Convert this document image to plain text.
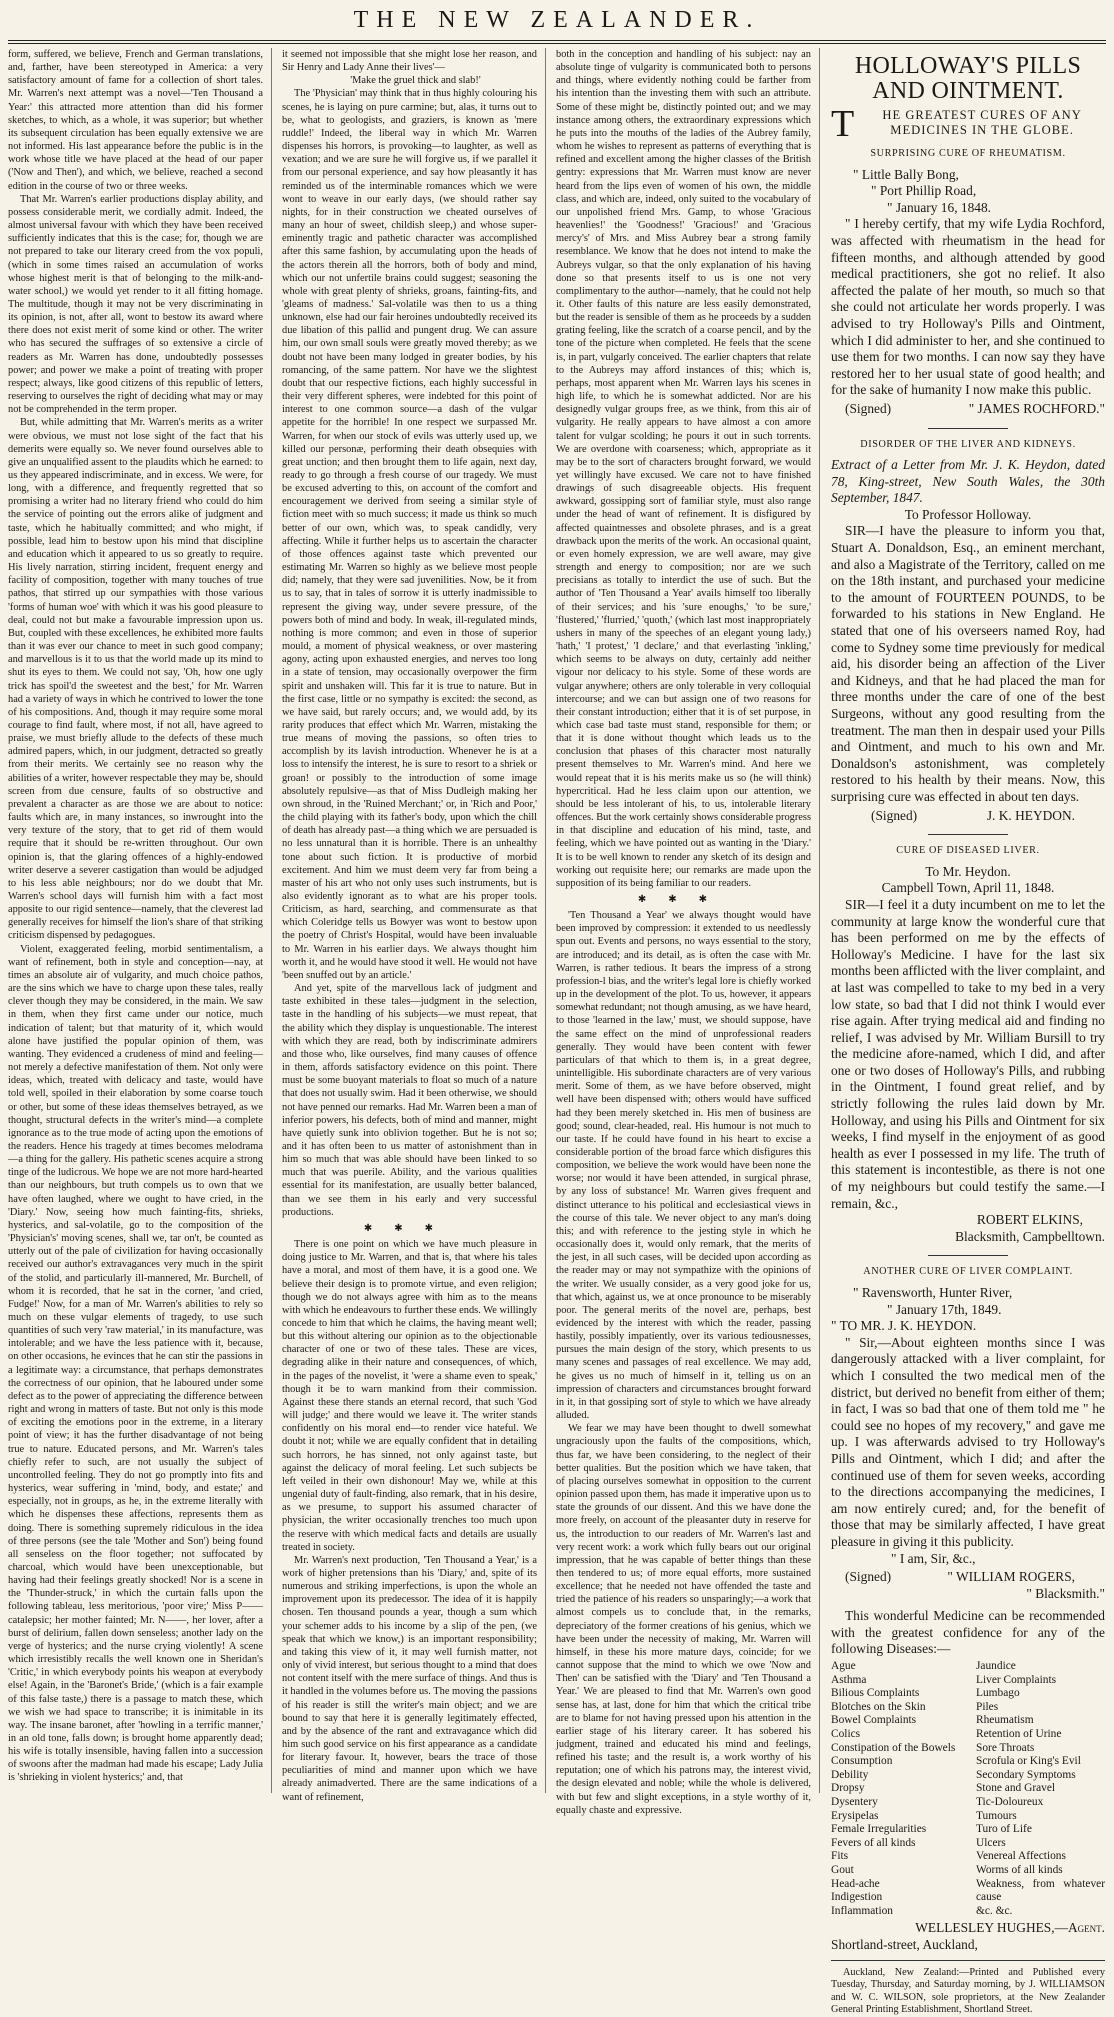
THE NEW ZEALANDER.

form, suffered, we believe, French and German translations, and, farther, have been stereotyped in America: a very satisfactory amount of fame for a collection of short tales. Mr. Warren's next attempt was a novel—'Ten Thousand a Year:' this attracted more attention than did his former sketches, to which, as a whole, it was superior; but whether its subsequent circulation has been equally extensive we are not informed. His last appearance before the public is in the work whose title we have placed at the head of our paper ('Now and Then'), and which, we believe, reached a second edition in the course of two or three weeks.

That Mr. Warren's earlier productions display ability, and possess considerable merit, we cordially admit. Indeed, the almost universal favour with which they have been received sufficiently indicates that this is the case; for, though we are not prepared to take our literary creed from the vox populi, (which in some times raised an accumulation of works whose highest merit is that of belonging to the milk-and-water school,) we would yet render to it all fitting homage. The multitude, though it may not be very discriminating in its opinion, is not, after all, wont to bestow its award where there does not exist merit of some kind or other. The writer who has secured the suffrages of so extensive a circle of readers as Mr. Warren has done, undoubtedly possesses power; and power we make a point of treating with proper respect; always, like good citizens of this republic of letters, reserving to ourselves the right of deciding what may or may not be comprehended in the term proper.

But, while admitting that Mr. Warren's merits as a writer were obvious, we must not lose sight of the fact that his demerits were equally so. We never found ourselves able to give an unqualified assent to the plaudits which he earned: to us they appeared indiscriminate, and in excess. We were, for long, with a difference, and frequently regretted that so promising a writer had no literary friend who could do him the service of pointing out the errors alike of judgment and taste, which he habitually committed; and who might, if possible, lead him to bestow upon his mind that discipline and education which it appeared to us so greatly to require. His lively narration, stirring incident, frequent energy and facility of composition, together with many touches of true pathos, that stirred up our sympathies with those various 'forms of human woe' with which it was his good pleasure to deal, could not but make a favourable impression upon us. But, coupled with these excellences, he exhibited more faults than it was ever our chance to meet in such good company; and marvellous is it to us that the world made up its mind to shut its eyes to them. We could not say, 'Oh, how one ugly trick has spoil'd the sweetest and the best,' for Mr. Warren had a variety of ways in which he contrived to lower the tone of his compositions. And, though it may require some moral courage to find fault, where most, if not all, have agreed to praise, we must briefly allude to the defects of these much admired papers, which, in our judgment, detracted so greatly from their merits. We certainly see no reason why the abilities of a writer, however respectable they may be, should screen from due censure, faults of so obstructive and prevalent a character as are those we are about to notice: faults which are, in many instances, so inwrought into the very texture of the story, that to get rid of them would require that it should be re-written throughout. Our own opinion is, that the glaring offences of a highly-endowed writer deserve a severer castigation than would be adjudged to his less able neighbours; nor do we doubt that Mr. Warren's school days will furnish him with a fact most apposite to our rigid sentence—namely, that the cleverest lad generally receives for himself the lion's share of that striking criticism dispensed by pedagogues.

Violent, exaggerated feeling, morbid sentimentalism, a want of refinement, both in style and conception—nay, at times an absolute air of vulgarity, and much choice pathos, are the sins which we have to charge upon these tales, really clever though they may be considered, in the main. We saw in them, when they first came under our notice, much indication of talent; but that maturity of it, which would alone have justified the popular opinion of them, was wanting. They evidenced a crudeness of mind and feeling—not merely a defective manifestation of them. Not only were ideas, which, treated with delicacy and taste, would have told well, spoiled in their elaboration by some coarse touch or other, but some of these ideas themselves betrayed, as we thought, structural defects in the writer's mind—a complete ignorance as to the true mode of acting upon the emotions of the readers. Hence his tragedy at times becomes melodrama—a thing for the gallery. His pathetic scenes acquire a strong tinge of the ludicrous. We hope we are not more hard-hearted than our neighbours, but truth compels us to own that we have often laughed, where we ought to have cried, in the 'Diary.' Now, seeing how much fainting-fits, shrieks, hysterics, and sal-volatile, go to the composition of the 'Physician's' moving scenes, shall we, tar on't, be counted as utterly out of the pale of civilization for having occasionally received our author's extravagances very much in the spirit of the stolid, and particularly ill-mannered, Mr. Burchell, of whom it is recorded, that he sat in the corner, 'and cried, Fudge!' Now, for a man of Mr. Warren's abilities to rely so much on these vulgar elements of tragedy, to use such quantities of such very 'raw material,' in its manufacture, was intolerable; and we have the less patience with it, because, on other occasions, he evinces that he can stir the passions in a legitimate way: a circumstance, that perhaps demonstrates the correctness of our opinion, that he laboured under some defect as to the power of appreciating the difference between right and wrong in matters of taste. But not only is this mode of exciting the emotions poor in the extreme, in a literary point of view; it has the further disadvantage of not being true to nature. Educated persons, and Mr. Warren's tales chiefly refer to such, are not usually the subject of uncontrolled feeling. They do not go promptly into fits and hysterics, wear suffering in 'mind, body, and estate;' and especially, not in groups, as he, in the extreme literally with which he dispenses these affections, represents them as doing. There is something supremely ridiculous in the idea of three persons (see the tale 'Mother and Son') being found all senseless on the floor together; not suffocated by charcoal, which would have been unexceptionable, but having had their feelings greatly shocked! Nor is a scene in the 'Thunder-struck,' in which the curtain falls upon the following tableau, less meritorious, 'poor vire;' Miss P—— catalepsic; her mother fainted; Mr. N——, her lover, after a burst of delirium, fallen down senseless; another lady on the verge of hysterics; and the nurse crying violently! A scene which irresistibly recalls the well known one in Sheridan's 'Critic,' in which everybody points his weapon at everybody else! Again, in the 'Baronet's Bride,' (which is a fair example of this false taste,) there is a passage to match these, which we wish we had space to transcribe; it is inimitable in its way. The insane baronet, after 'howling in a terrific manner,' in an old tone, falls down; is brought home apparently dead; his wife is totally insensible, having fallen into a succession of swoons after the madman had made his escape; Lady Julia is 'shrieking in violent hysterics;' and, that

it seemed not impossible that she might lose her reason, and Sir Henry and Lady Anne their lives'—

'Make the gruel thick and slab!'

The 'Physician' may think that in thus highly colouring his scenes, he is laying on pure carmine; but, alas, it turns out to be, what to geologists, and graziers, is known as 'mere ruddle!' Indeed, the liberal way in which Mr. Warren dispenses his horrors, is provoking—to laughter, as well as vexation; and we are sure he will forgive us, if we parallel it from our personal experience, and say how pleasantly it has reminded us of the interminable romances which we were wont to weave in our early days, (we should rather say nights, for in their construction we cheated ourselves of many an hour of sweet, childish sleep,) and whose super-eminently tragic and pathetic character was accomplished after this same fashion, by accumulating upon the heads of the actors therein all the horrors, both of body and mind, which our not unfertile brains could suggest; seasoning the whole with great plenty of shrieks, groans, fainting-fits, and 'gleams of madness.' Sal-volatile was then to us a thing unknown, else had our fair heroines undoubtedly received its due libation of this pallid and pungent drug. We can assure him, our own small souls were greatly moved thereby; as we doubt not have been many lodged in greater bodies, by his romancing, of the same pattern. Nor have we the slightest doubt that our respective fictions, each highly successful in their very different spheres, were indebted for this point of interest to one common source—a dash of the vulgar appetite for the horrible! In one respect we surpassed Mr. Warren, for when our stock of evils was utterly used up, we killed our personæ, performing their death obsequies with great unction; and then brought them to life again, next day, ready to go through a fresh course of our tragedy. We must be excused adverting to this, on account of the comfort and encouragement we derived from seeing a similar style of fiction meet with so much success; it made us think so much better of our own, which was, to speak candidly, very affecting. While it further helps us to ascertain the character of those offences against taste which prevented our estimating Mr. Warren so highly as we believe most people did; namely, that they were sad juvenilities. Now, be it from us to say, that in tales of sorrow it is utterly inadmissible to represent the giving way, under severe pressure, of the powers both of mind and body. In weak, ill-regulated minds, nothing is more common; and even in those of superior mould, a moment of physical weakness, or over mastering agony, acting upon exhausted energies, and nerves too long in a state of tension, may occasionally overpower the firm spirit and unshaken will. This far it is true to nature. But in the first case, little or no sympathy is excited: the second, as we have said, but rarely occurs; and, we would add, by its rarity produces that effect which Mr. Warren, mistaking the true means of moving the passions, so often tries to accomplish by its lavish introduction. Whenever he is at a loss to intensify the interest, he is sure to resort to a shriek or groan! or possibly to the introduction of some image absolutely repulsive—as that of Miss Dudleigh making her own shroud, in the 'Ruined Merchant;' or, in 'Rich and Poor,' the child playing with its father's body, upon which the chill of death has already past—a thing which we are persuaded is no less unnatural than it is horrible. There is an unhealthy tone about such fiction. It is productive of morbid excitement. And him we must deem very far from being a master of his art who not only uses such instruments, but is also evidently ignorant as to what are his proper tools. Criticism, as hard, searching, and commensurate as that which Coleridge tells us Bowyer was wont to bestow upon the poetry of Christ's Hospital, would have been invaluable to Mr. Warren in his earlier days. We always thought him worth it, and he would have stood it well. He would not have 'been snuffed out by an article.'

And yet, spite of the marvellous lack of judgment and taste exhibited in these tales—judgment in the selection, taste in the handling of his subjects—we must repeat, that the ability which they display is unquestionable. The interest with which they are read, both by indiscriminate admirers and those who, like ourselves, find many causes of offence in them, affords satisfactory evidence on this point. There must be some buoyant materials to float so much of a nature that does not usually swim. Had it been otherwise, we should not have penned our remarks. Had Mr. Warren been a man of inferior powers, his defects, both of mind and manner, might have quietly sunk into oblivion together. But he is not so; and it has often been to us matter of astonishment than in him so much that was able should have been linked to so much that was puerile. Ability, and the various qualities essential for its manifestation, are usually better balanced, than we see them in his early and very successful productions.

✱✱✱

There is one point on which we have much pleasure in doing justice to Mr. Warren, and that is, that where his tales have a moral, and most of them have, it is a good one. We believe their design is to promote virtue, and even religion; though we do not always agree with him as to the means with which he endeavours to further these ends. We willingly concede to him that which he claims, the having meant well; but this without altering our opinion as to the objectionable character of one or two of these tales. These are vices, degrading alike in their nature and consequences, of which, in the pages of the novelist, it 'were a shame even to speak,' though it be to warn mankind from their commission. Against these there stands an eternal record, that such 'God will judge;' and there would we leave it. The writer stands confidently on his moral end—to render vice hateful. We doubt it not; while we are equally confident that in detailing such horrors, he has sinned, not only against taste, but against the delicacy of moral feeling. Let such subjects be left veiled in their own dishonour! May we, while at this ungenial duty of fault-finding, also remark, that in his desire, as we presume, to support his assumed character of physician, the writer occasionally trenches too much upon the reserve with which medical facts and details are usually treated in society.

Mr. Warren's next production, 'Ten Thousand a Year,' is a work of higher pretensions than his 'Diary,' and, spite of its numerous and striking imperfections, is upon the whole an improvement upon its predecessor. The idea of it is happily chosen. Ten thousand pounds a year, though a sum which your schemer adds to his income by a slip of the pen, (we speak that which we know,) is an important responsibility; and taking this view of it, it may well furnish matter, not only of vivid interest, but serious thought to a mind that does not content itself with the mere surface of things. And thus is it handled in the volumes before us. The moving the passions of his reader is still the writer's main object; and we are bound to say that here it is generally legitimately effected, and by the absence of the rant and extravagance which did him such good service on his first appearance as a candidate for literary favour. It, however, bears the trace of those peculiarities of mind and manner upon which we have already animadverted. There are the same indications of a want of refinement,

both in the conception and handling of his subject: nay an absolute tinge of vulgarity is communicated both to persons and things, where evidently nothing could be farther from his intention than the investing them with such an attribute. Some of these might be, distinctly pointed out; and we may instance among others, the extraordinary expressions which he puts into the mouths of the ladies of the Aubrey family, whom he wishes to represent as patterns of everything that is refined and excellent among the higher classes of the British gentry: expressions that Mr. Warren must know are never heard from the lips even of women of his own, the middle class, and which are, indeed, only suited to the vocabulary of our unpolished friend Mrs. Gamp, to whose 'Gracious heavenlies!' the 'Goodness!' 'Gracious!' and 'Gracious mercy's' of Mrs. and Miss Aubrey bear a strong family resemblance. We know that he does not intend to make the Aubreys vulgar, so that the only explanation of his having done so that presents itself to us is one not very complimentary to the author—namely, that he could not help it. Other faults of this nature are less easily demonstrated, but the reader is sensible of them as he proceeds by a sudden grating feeling, like the scratch of a coarse pencil, and by the tone of the picture when completed. He feels that the scene is, in part, vulgarly conceived. The earlier chapters that relate to the Aubreys may afford instances of this; which is, perhaps, most apparent when Mr. Warren lays his scenes in high life, to which he is somewhat addicted. Nor are his designedly vulgar groups free, as we think, from this air of vulgarity. He really appears to have almost a con amore talent for vulgar scolding; he pours it out in such torrents. We are overdone with coarseness; which, appropriate as it may be to the sort of characters brought forward, we would yet willingly have excused. We care not to have finished drawings of such disagreeable objects. His frequent awkward, gossipping sort of familiar style, must also range under the head of want of refinement. It is disfigured by affected quaintnesses and obsolete phrases, and is a great drawback upon the merits of the work. An occasional quaint, or even homely expression, we are well aware, may give strength and energy to composition; nor are we such precisians as totally to interdict the use of such. But the author of 'Ten Thousand a Year' avails himself too liberally of their services; and his 'sure enoughs,' 'to be sure,' 'flustered,' 'flurried,' 'quoth,' (which last most inappropriately ushers in many of the speeches of an elegant young lady,) 'hath,' 'I protest,' 'I declare,' and that everlasting 'inkling,' which seems to be always on duty, certainly add neither vigour nor delicacy to his style. Some of these words are vulgar anywhere; others are only tolerable in very colloquial intercourse; and we can but assign one of two reasons for their constant introduction; either that it is of set purpose, in which case bad taste must stand, responsible for them; or that it is done without thought which leads us to the conclusion that phases of this character most naturally present themselves to Mr. Warren's mind. And here we would repeat that it is his merits make us so (he will think) hypercritical. Had he less claim upon our attention, we should be less intolerant of his, to us, intolerable literary offences. But the work certainly shows considerable progress in that discipline and education of his mind, taste, and feeling, which we have pointed out as wanting in the 'Diary.' It is to be well known to render any sketch of its design and working out requisite here; our remarks are made upon the supposition of its being familiar to our readers.

✱✱✱

'Ten Thousand a Year' we always thought would have been improved by compression: it extended to us needlessly spun out. Events and persons, no ways essential to the story, are introduced; and its detail, as is often the case with Mr. Warren, is rather tedious. It bears the impress of a strong profession-l bias, and the writer's legal lore is chiefly worked up in the development of the plot. To us, however, it appears somewhat redundant; not though amusing, as we have heard, to those 'learned in the law,' must, we should suppose, have the same effect on the mind of unprofessional readers generally. They would have been content with fewer particulars of that which to them is, in a great degree, unintelligible. His subordinate characters are of very various merit. Some of them, as we have before observed, might well have been dispensed with; others would have sufficed had they been merely sketched in. His men of business are good; sound, clear-headed, real. His humour is not much to our taste. If he could have found in his heart to excise a considerable portion of the broad farce which disfigures this composition, we believe the work would have been none the worse; nor would it have been attended, in surgical phrase, by any loss of substance! Mr. Warren gives frequent and distinct utterance to his political and ecclesiastical views in the course of this tale. We never object to any man's doing this; and with reference to the jesting style in which he occasionally does it, would only remark, that the merits of the jest, in all such cases, will be decided upon according as the reader may or may not sympathize with the opinions of the writer. We usually consider, as a very good joke for us, that which, against us, we at once pronounce to be miserably poor. The general merits of the novel are, perhaps, best evidenced by the interest with which the reader, passing hastily, possibly impatiently, over its various tediousnesses, pursues the main design of the story, which presents to us many scenes and passages of real excellence. We may add, he gives us no much of himself in it, telling us on an impression of characters and circumstances brought forward in it, in that gossiping sort of style to which we have already alluded.

We fear we may have been thought to dwell somewhat ungraciously upon the faults of the compositions, which, thus far, we have been considering, to the neglect of their better qualities. But the position which we have taken, that of placing ourselves somewhat in opposition to the current opinion passed upon them, has made it imperative upon us to state the grounds of our dissent. And this we have done the more freely, on account of the pleasanter duty in reserve for us, the introduction to our readers of Mr. Warren's last and very recent work: a work which fully bears out our original impression, that he was capable of better things than these then tendered to us; of more equal efforts, more sustained excellence; that he needed not have offended the taste and tried the patience of his readers so unsparingly;—a work that almost compels us to conclude that, in the remarks, depreciatory of the former creations of his genius, which we have been under the necessity of making, Mr. Warren will himself, in these his more mature days, coincide; for we cannot suppose that the mind to which we owe 'Now and Then' can be satisfied with the 'Diary' and 'Ten Thousand a Year.' We are pleased to find that Mr. Warren's own good sense has, at last, done for him that which the critical tribe are to blame for not having pressed upon his attention in the earlier stage of his literary career. It has sobered his judgment, trained and educated his mind and feelings, refined his taste; and the result is, a work worthy of his reputation; one of which his patrons may, the interest vivid, the design elevated and noble; while the whole is delivered, with but few and slight exceptions, in a style worthy of it, equally chaste and expressive.

HOLLOWAY'S PILLS AND OINTMENT.
T HE GREATEST CURES OF ANY MEDICINES IN THE GLOBE.
SURPRISING CURE OF RHEUMATISM.

" Little Bally Bong,

" Port Phillip Road,

" January 16, 1848.

" I hereby certify, that my wife Lydia Rochford, was affected with rheumatism in the head for fifteen months, and although attended by good medical practitioners, she got no relief. It also affected the palate of her mouth, so much so that she could not articulate her words properly. I was advised to try Holloway's Pills and Ointment, which I did administer to her, and she continued to use them for two months. I can now say they have restored her to her usual state of good health; and for the sake of humanity I now make this public.

(Signed)	" JAMES ROCHFORD."
DISORDER OF THE LIVER AND KIDNEYS.

Extract of a Letter from Mr. J. K. Heydon, dated 78, King-street, New South Wales, the 30th September, 1847.

To Professor Holloway.

SIR—I have the pleasure to inform you that, Stuart A. Donaldson, Esq., an eminent merchant, and also a Magistrate of the Territory, called on me on the 18th instant, and purchased your medicine to the amount of FOURTEEN POUNDS, to be forwarded to his stations in New England. He stated that one of his overseers named Roy, had come to Sydney some time previously for medical aid, his disorder being an affection of the Liver and Kidneys, and that he had placed the man for three months under the care of one of the best Surgeons, without any good resulting from the treatment. The man then in despair used your Pills and Ointment, and much to his own and Mr. Donaldson's astonishment, was completely restored to his health by their means. Now, this surprising cure was effected in about ten days.

(Signed)	J. K. HEYDON.
CURE OF DISEASED LIVER.

To Mr. Heydon.

Campbell Town, April 11, 1848.

SIR—I feel it a duty incumbent on me to let the community at large know the wonderful cure that has been performed on me by the effects of Holloway's Medicine. I have for the last six months been afflicted with the liver complaint, and at last was compelled to take to my bed in a very low state, so bad that I did not think I would ever rise again. After trying medical aid and finding no relief, I was advised by Mr. William Bursill to try the medicine afore-named, which I did, and after one or two doses of Holloway's Pills, and rubbing in the Ointment, I found great relief, and by strictly following the rules laid down by Mr. Holloway, and using his Pills and Ointment for six weeks, I find myself in the enjoyment of as good health as ever I possessed in my life. The truth of this statement is incontestible, as there is not one of my neighbours but could testify the same.—I remain, &c.,

ROBERT ELKINS,

Blacksmith, Campbelltown.

ANOTHER CURE OF LIVER COMPLAINT.

" Ravensworth, Hunter River,

" January 17th, 1849.

" TO MR. J. K. HEYDON.

" Sir,—About eighteen months since I was dangerously attacked with a liver complaint, for which I consulted the two medical men of the district, but derived no benefit from either of them; in fact, I was so bad that one of them told me " he could see no hopes of my recovery," and gave me up. I was afterwards advised to try Holloway's Pills and Ointment, which I did; and after the continued use of them for seven weeks, according to the directions accompanying the medicines, I am now entirely cured; and, for the benefit of those that may be similarly affected, I have great pleasure in giving it this publicity.

" I am, Sir, &c.,

(Signed)	" WILLIAM ROGERS,

" Blacksmith."

This wonderful Medicine can be recommended with the greatest confidence for any of the following Diseases:—

Ague
Asthma
Bilious Complaints
Blotches on the Skin
Bowel Complaints
Colics
Constipation of the Bowels
Consumption
Debility
Dropsy
Dysentery
Erysipelas
Female Irregularities
Fevers of all kinds
Fits
Gout
Head-ache
Indigestion
Inflammation
Jaundice
Liver Complaints
Lumbago
Piles
Rheumatism
Retention of Urine
Sore Throats
Scrofula or King's Evil
Secondary Symptoms
Stone and Gravel
Tic-Doloureux
Tumours
Turo of Life
Ulcers
Venereal Affections
Worms of all kinds
Weakness, from whatever cause
&c. &c.

WELLESLEY HUGHES,—Agent.

Shortland-street, Auckland,

Auckland, New Zealand:—Printed and Published every Tuesday, Thursday, and Saturday morning, by J. WILLIAMSON and W. C. WILSON, sole proprietors, at the New Zealander General Printing Establishment, Shortland Street.
